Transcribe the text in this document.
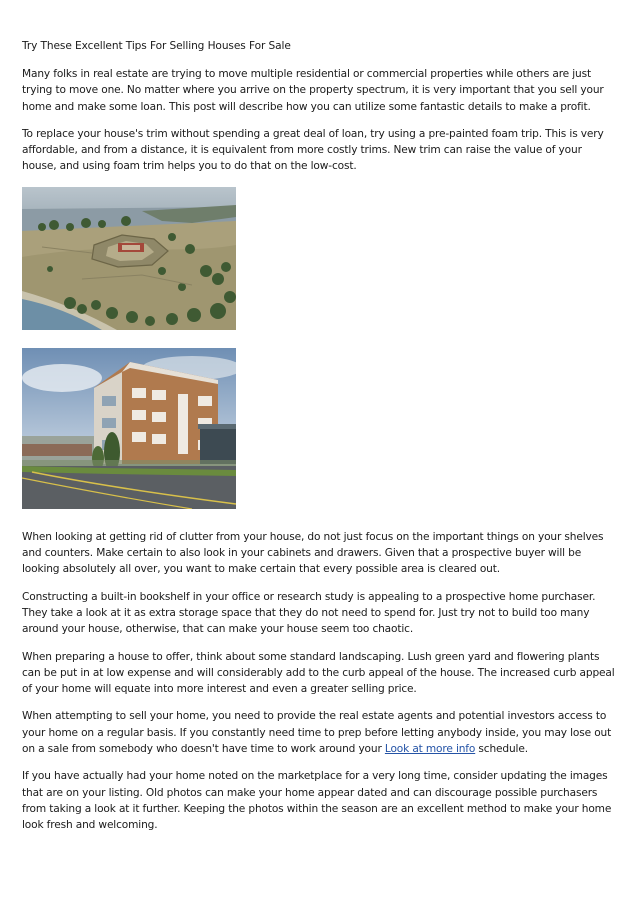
Try These Excellent Tips For Selling Houses For Sale

Many folks in real estate are trying to move multiple residential or commercial properties while others are just trying to move one. No matter where you arrive on the property spectrum, it is very important that you sell your home and make some loan. This post will describe how you can utilize some fantastic details to make a profit.

To replace your house's trim without spending a great deal of loan, try using a pre-painted foam trip. This is very affordable, and from a distance, it is equivalent from more costly trims. New trim can raise the value of your house, and using foam trim helps you to do that on the low-cost.

When looking at getting rid of clutter from your house, do not just focus on the important things on your shelves and counters. Make certain to also look in your cabinets and drawers. Given that a prospective buyer will be looking absolutely all over, you want to make certain that every possible area is cleared out.

Constructing a built-in bookshelf in your office or research study is appealing to a prospective home purchaser. They take a look at it as extra storage space that they do not need to spend for. Just try not to build too many around your house, otherwise, that can make your house seem too chaotic.

When preparing a house to offer, think about some standard landscaping. Lush green yard and flowering plants can be put in at low expense and will considerably add to the curb appeal of the house. The increased curb appeal of your home will equate into more interest and even a greater selling price.

When attempting to sell your home, you need to provide the real estate agents and potential investors access to your home on a regular basis. If you constantly need time to prep before letting anybody inside, you may lose out on a sale from somebody who doesn't have time to work around your Look at more info schedule.

If you have actually had your home noted on the marketplace for a very long time, consider updating the images that are on your listing. Old photos can make your home appear dated and can discourage possible purchasers from taking a look at it further. Keeping the photos within the season are an excellent method to make your home look fresh and welcoming.
